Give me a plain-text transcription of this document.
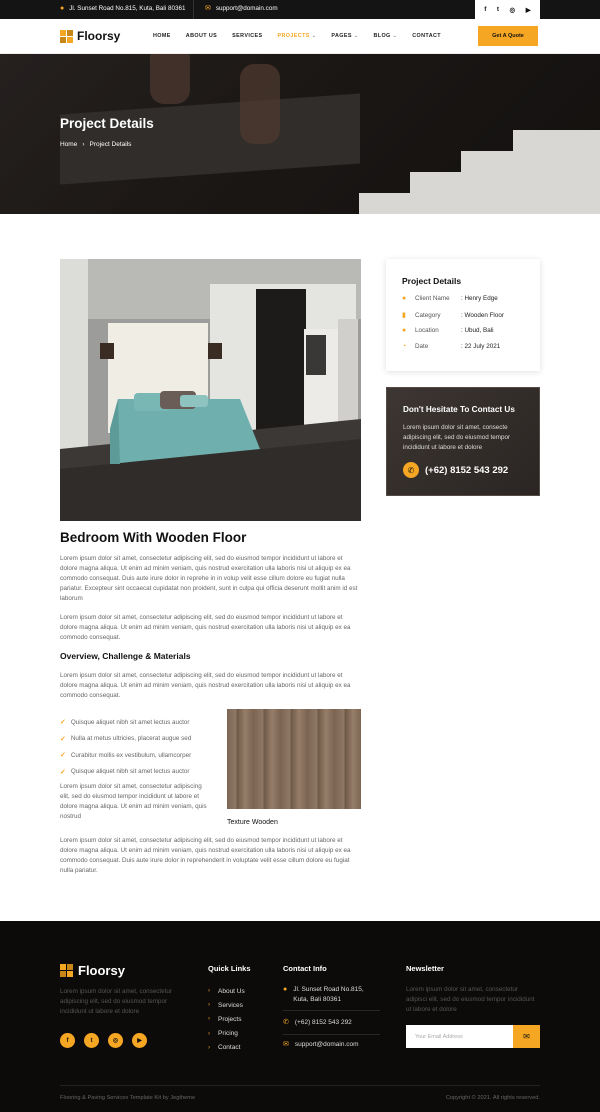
● Jl. Sunset Road No.815, Kuta, Bali 80361	✉ support@domain.com	f t ◎ ▶
Floorsy	HOME	ABOUT US	SERVICES	PROJECTS ⌄	PAGES ⌄	BLOG ⌄	CONTACT	Get A Quote
Project Details
Home › Project Details
Bedroom With Wooden Floor
Lorem ipsum dolor sit amet, consectetur adipiscing elit, sed do eiusmod tempor incididunt ut labore et dolore magna aliqua. Ut enim ad minim veniam, quis nostrud exercitation ulla laboris nisi ut aliquip ex ea commodo consequat. Duis aute irure dolor in reprehe in in volup velit esse cillum dolore eu fugiat nulla pariatur. Excepteur sint occaecat cupidatat non proident, sunt in culpa qui officia deserunt mollit anim id est laborum
Lorem ipsum dolor sit amet, consectetur adipiscing elit, sed do eiusmod tempor incididunt ut labore et dolore magna aliqua. Ut enim ad minim veniam, quis nostrud exercitation ulla laboris nisi ut aliquip ex ea commodo consequat.
Overview, Challenge & Materials
Lorem ipsum dolor sit amet, consectetur adipiscing elit, sed do eiusmod tempor incididunt ut labore et dolore magna aliqua. Ut enim ad minim veniam, quis nostrud exercitation ulla laboris nisi ut aliquip ex ea commodo consequat.
✓ Quisque aliquet nibh sit amet lectus auctor
✓ Nulla at metus ultricies, placerat augue sed
✓ Curabitur mollis ex vestibulum, ullamcorper
✓ Quisque aliquet nibh sit amet lectus auctor
Lorem ipsum dolor sit amet, consectetur adipiscing elit, sed do eiusmod tempor incididunt ut labore et dolore magna aliqua. Ut enim ad minim veniam, quis nostrud
Texture Wooden
Lorem ipsum dolor sit amet, consectetur adipiscing elit, sed do eiusmod tempor incididunt ut labore et dolore magna aliqua. Ut enim ad minim veniam, quis nostrud exercitation ulla laboris nisi ut aliquip ex ea commodo consequat. Duis aute irure dolor in reprehenderit in voluptate velit esse cillum dolore eu fugiat nulla pariatur.
Project Details
●	Client Name	: Henry Edge
▮	Category	: Wooden Floor
●	Location	: Ubud, Bali
◔	Date	: 22 July 2021
Don't Hesitate To Contact Us
Lorem ipsum dolor sit amet, consecte adipiscing elit, sed do eiusmod tempor incididunt ut labore et dolore
✆	(+62) 8152 543 292
Floorsy
Lorem ipsum dolor sit amet, consectetur adipiscing elit, sed do eiusmod tempor incididunt ut labore et dolore
f	t	◎	▶
Quick Links
› About Us
› Services
› Projects
› Pricing
› Contact
Contact Info
● Jl. Sunset Road No.815, Kuta, Bali 80361
✆ (+62) 8152 543 292
✉ support@domain.com
Newsletter
Lorem ipsum dolor sit amet, consectetur adipisci elit, sed do eiusmod tempor incididunt ut labore et dolore
Your Email Address	✉
Flooring & Paving Services Template Kit by Jegtheme	Copyright © 2021. All rights reserved.
